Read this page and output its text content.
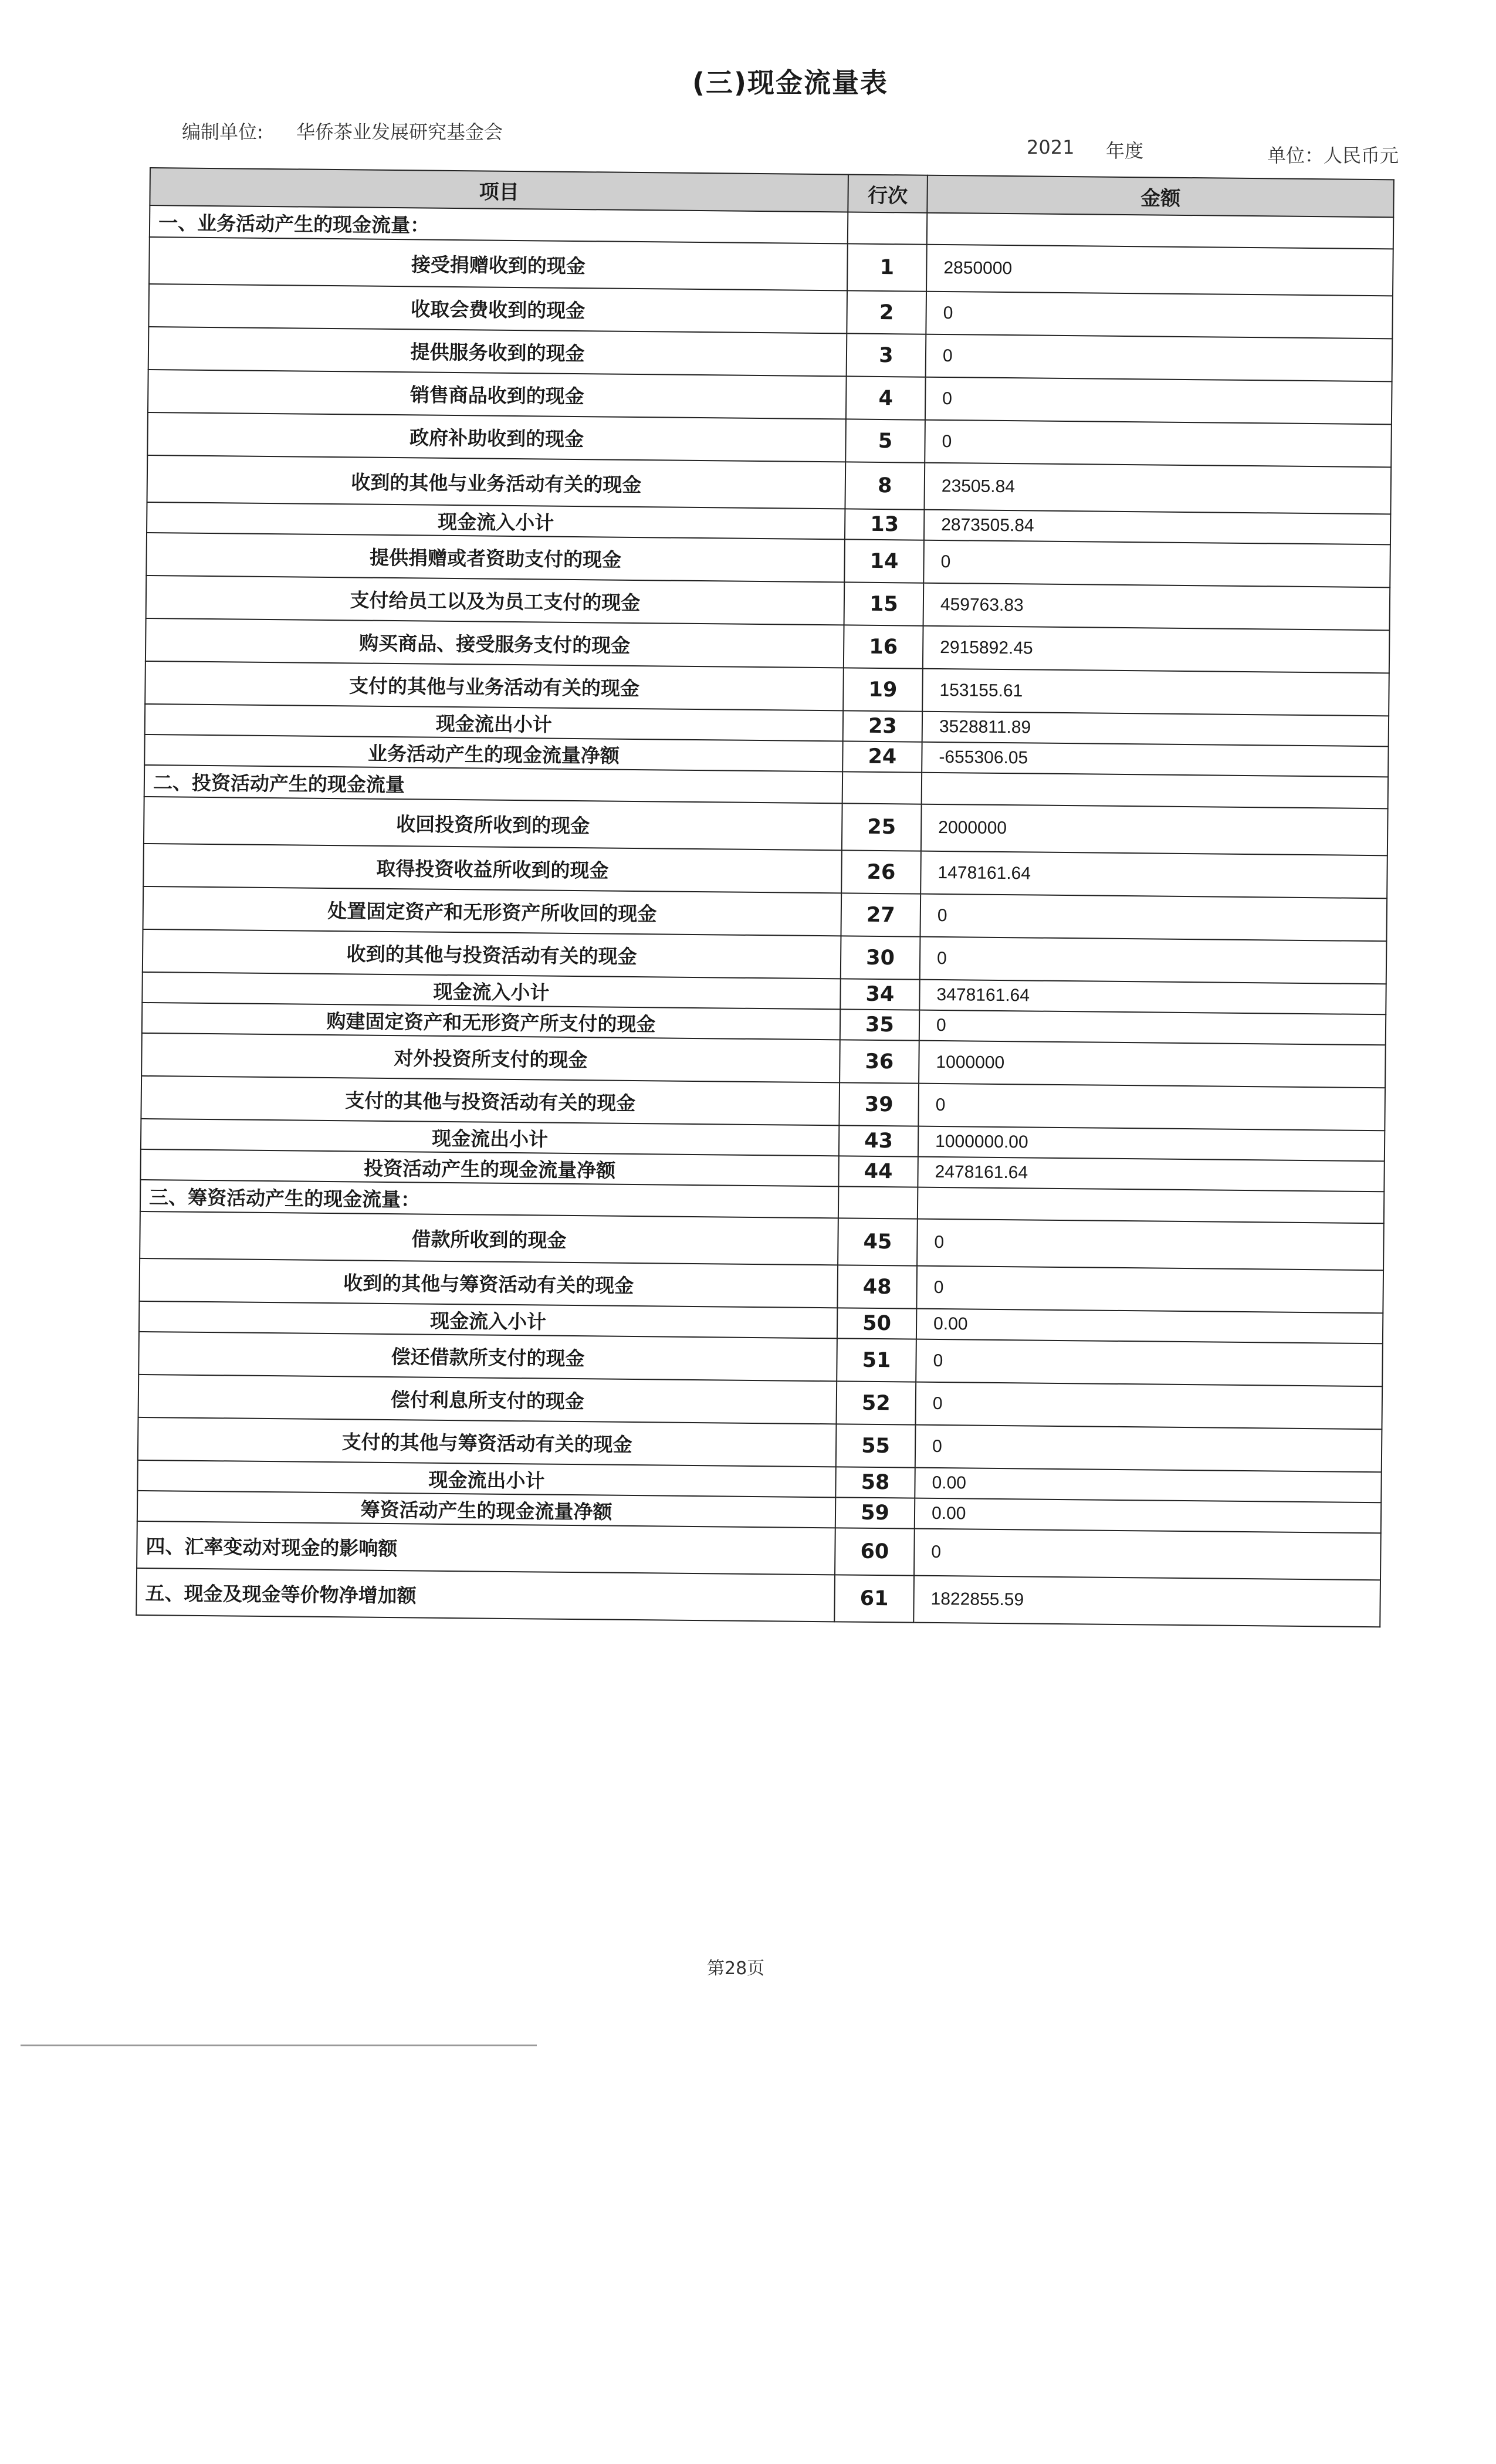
(三)现金流量表
编制单位: 华侨茶业发展研究基金会
2021 年度	单位：人民币元
项目	行次	金额
一、业务活动产生的现金流量：		
接受捐赠收到的现金	1	2850000
收取会费收到的现金	2	0
提供服务收到的现金	3	0
销售商品收到的现金	4	0
政府补助收到的现金	5	0
收到的其他与业务活动有关的现金	8	23505.84
现金流入小计	13	2873505.84
提供捐赠或者资助支付的现金	14	0
支付给员工以及为员工支付的现金	15	459763.83
购买商品、接受服务支付的现金	16	2915892.45
支付的其他与业务活动有关的现金	19	153155.61
现金流出小计	23	3528811.89
业务活动产生的现金流量净额	24	-655306.05
二、投资活动产生的现金流量		
收回投资所收到的现金	25	2000000
取得投资收益所收到的现金	26	1478161.64
处置固定资产和无形资产所收回的现金	27	0
收到的其他与投资活动有关的现金	30	0
现金流入小计	34	3478161.64
购建固定资产和无形资产所支付的现金	35	0
对外投资所支付的现金	36	1000000
支付的其他与投资活动有关的现金	39	0
现金流出小计	43	1000000.00
投资活动产生的现金流量净额	44	2478161.64
三、筹资活动产生的现金流量：		
借款所收到的现金	45	0
收到的其他与筹资活动有关的现金	48	0
现金流入小计	50	0.00
偿还借款所支付的现金	51	0
偿付利息所支付的现金	52	0
支付的其他与筹资活动有关的现金	55	0
现金流出小计	58	0.00
筹资活动产生的现金流量净额	59	0.00
四、汇率变动对现金的影响额	60	0
五、现金及现金等价物净增加额	61	1822855.59
第28页
